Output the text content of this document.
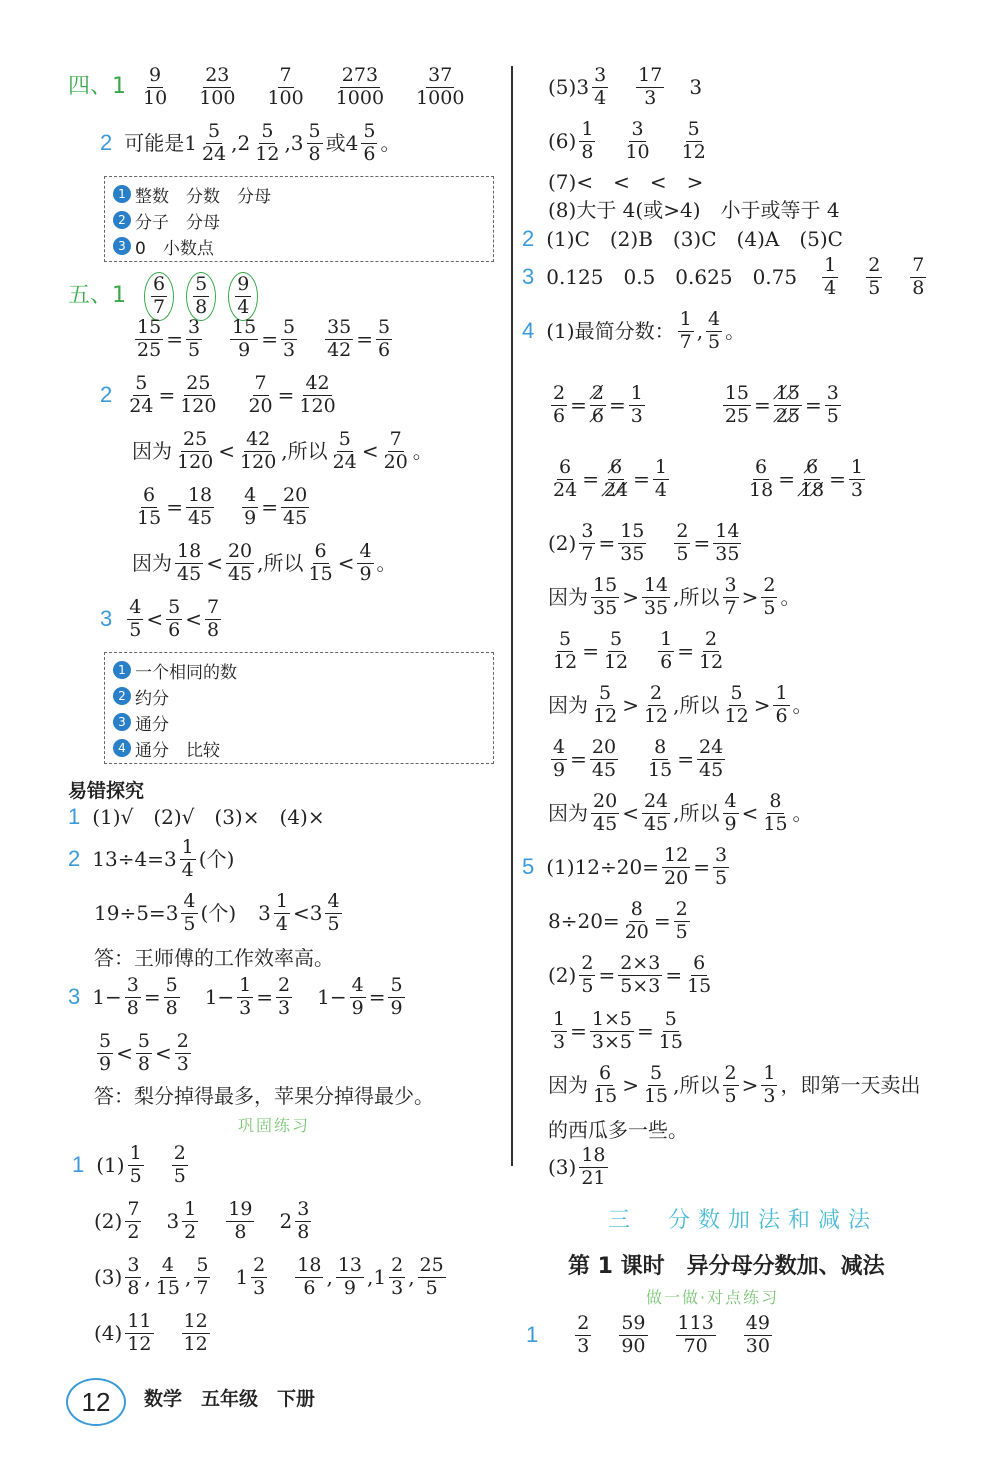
四、$1 \frac{9}{10} \frac{23}{100} \frac{7}{100} \frac{273}{1000} \frac{37}{1000}$
2 可能是 $1 \frac{5}{24} ,2 \frac{5}{12} ,3 \frac{5}{8}$ 或 $4 \frac{5}{6}$ 。
1 整数　分数　分母
2 分子　分母
3 0　小数点
五、$1 \frac{6}{7} \frac{5}{8} \frac{9}{4}$
$\frac{15}{25} = \frac{3}{5} \frac{15}{9} = \frac{5}{3} \frac{35}{42} = \frac{5}{6}$
$2 \frac{5}{24} = \frac{25}{120} \frac{7}{20} = \frac{42}{120}$
因为 $\frac{25}{120} < \frac{42}{120}$ ,所以 $\frac{5}{24} < \frac{7}{20}$ 。
$\frac{6}{15} = \frac{18}{45} \frac{4}{9} = \frac{20}{45}$
因为 $\frac{18}{45} < \frac{20}{45}$ ,所以 $\frac{6}{15} < \frac{4}{9}$ 。
$3 \frac{4}{5} < \frac{5}{6} < \frac{7}{8}$
1 一个相同的数
2 约分
3 通分
4 通分　比较
易错探究
1 (1)√　(2)√　(3)×　(4)×
2 $13\div 4=3 \frac{1}{4}$ (个)
$19\div 5=3 \frac{4}{5}$ (个) $3 \frac{1}{4} <3 \frac{4}{5}$
答：王师傅的工作效率高。
3 $1- \frac{3}{8} = \frac{5}{8} 1- \frac{1}{3} = \frac{2}{3} 1- \frac{4}{9} = \frac{5}{9}$
$\frac{5}{9} < \frac{5}{8} < \frac{2}{3}$
答：梨分掉得最多，苹果分掉得最少。
巩固练习
1 $(1) \frac{1}{5} \frac{2}{5}$
$(2) \frac{7}{2} 3 \frac{1}{2} \frac{19}{8} 2 \frac{3}{8}$
$(3) \frac{3}{8}$ , $\frac{4}{15}$ , $\frac{5}{7} 1 \frac{2}{3} \frac{18}{6}$ , $\frac{13}{9} ,1 \frac{2}{3}$ , $\frac{25}{5}$
$(4) \frac{11}{12} \frac{12}{12}$
12	数学　五年级　下册
$(5)3 \frac{3}{4} \frac{17}{3} 3$
$(6) \frac{1}{8} \frac{3}{10} \frac{5}{12}$
(7)<　<　<　>
(8)大于 4(或>4)　小于或等于 4
2 (1)C　(2)B　(3)C　(4)A　(5)C
3 0.125　0.5　0.625　$0.75 \frac{1}{4} \frac{2}{5} \frac{7}{8}$
4 (1)最简分数： $\frac{1}{7}$ , $\frac{4}{5}$ 。
$\frac{2}{6} = \frac{2̸}{6̸} = \frac{1}{3}$	$\frac{15}{25} = \frac{1̸5̸}{2̸5̸} = \frac{3}{5}$
$\frac{6}{24} = \frac{6̸}{2̸4̸} = \frac{1}{4}$	$\frac{6}{18} = \frac{6̸}{1̸8̸} = \frac{1}{3}$
$(2) \frac{3}{7} = \frac{15}{35} \frac{2}{5} = \frac{14}{35}$
因为 $\frac{15}{35} > \frac{14}{35}$ ,所以 $\frac{3}{7} > \frac{2}{5}$ 。
$\frac{5}{12} = \frac{5}{12} \frac{1}{6} = \frac{2}{12}$
因为 $\frac{5}{12} > \frac{2}{12}$ ,所以 $\frac{5}{12} > \frac{1}{6}$ 。
$\frac{4}{9} = \frac{20}{45} \frac{8}{15} = \frac{24}{45}$
因为 $\frac{20}{45} < \frac{24}{45}$ ,所以 $\frac{4}{9} < \frac{8}{15}$ 。
5 $(1)12\div 20= \frac{12}{20} = \frac{3}{5}$
$8\div 20= \frac{8}{20} = \frac{2}{5}$
$(2) \frac{2}{5} = \frac{2\times 3}{5\times 3} = \frac{6}{15}$
$\frac{1}{3} = \frac{1\times 5}{3\times 5} = \frac{5}{15}$
因为 $\frac{6}{15} > \frac{5}{15}$ ,所以 $\frac{2}{5} > \frac{1}{3}$ ，即第一天卖出
的西瓜多一些。
$(3) \frac{18}{21}$
三　分数加法和减法
第 1 课时　异分母分数加、减法
做一做·对点练习
$1 \frac{2}{3} \frac{59}{90} \frac{113}{70} \frac{49}{30}$
